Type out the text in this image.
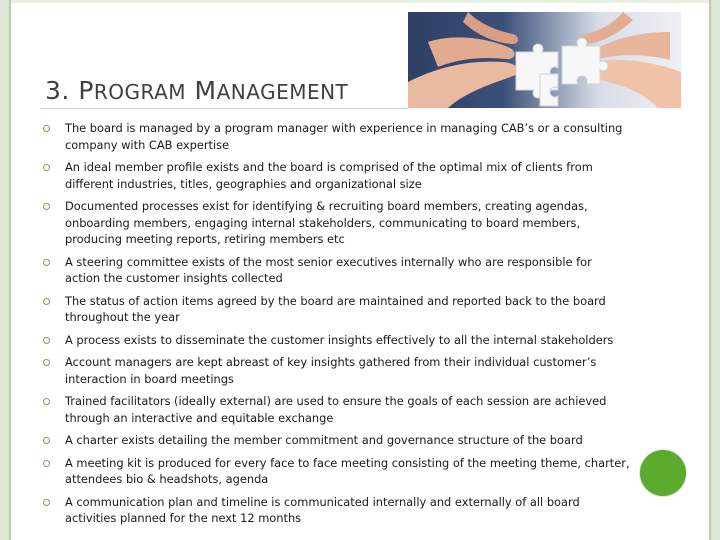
3. PROGRAM MANAGEMENT
The board is managed by a program manager with experience in managing CAB’s or a consulting company with CAB expertise
An ideal member profile exists and the board is comprised of the optimal mix of clients from different industries, titles, geographies and organizational size
Documented processes exist for identifying & recruiting board members, creating agendas, onboarding members, engaging internal stakeholders, communicating to board members, producing meeting reports, retiring members etc
A steering committee exists of the most senior executives internally who are responsible for action the customer insights collected
The status of action items agreed by the board are maintained and reported back to the board throughout the year
A process exists to disseminate the customer insights effectively to all the internal stakeholders
Account managers are kept abreast of key insights gathered from their individual customer’s interaction in board meetings
Trained facilitators (ideally external) are used to ensure the goals of each session are achieved through an interactive and equitable exchange
A charter exists detailing the member commitment and governance structure of the board
A meeting kit is produced for every face to face meeting consisting of the meeting theme, charter, attendees bio & headshots, agenda
A communication plan and timeline is communicated internally and externally of all board activities planned for the next 12 months
